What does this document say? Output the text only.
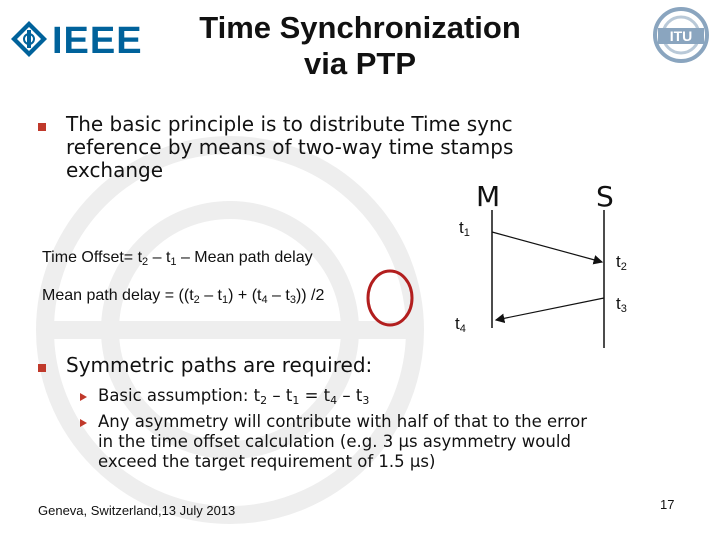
IEEE	Time Synchronization
via PTP
ITU
The basic principle is to distribute Time sync
reference by means of two-way time stamps
exchange
M	S
$t_1$
$t_2$
$t_3$
$t_4$
Time Offset= $t_2 - t_1$ – Mean path delay
Mean path delay = $((t_2 - t_1) + (t_4 - t_3))$ /2
Symmetric paths are required:
Basic assumption: $t_2 - t_1 = t_4 - t_3$
Any asymmetry will contribute with half of that to the error
in the time offset calculation (e.g. 3 μs asymmetry would
exceed the target requirement of 1.5 μs)
Geneva, Switzerland,13 July 2013	17
